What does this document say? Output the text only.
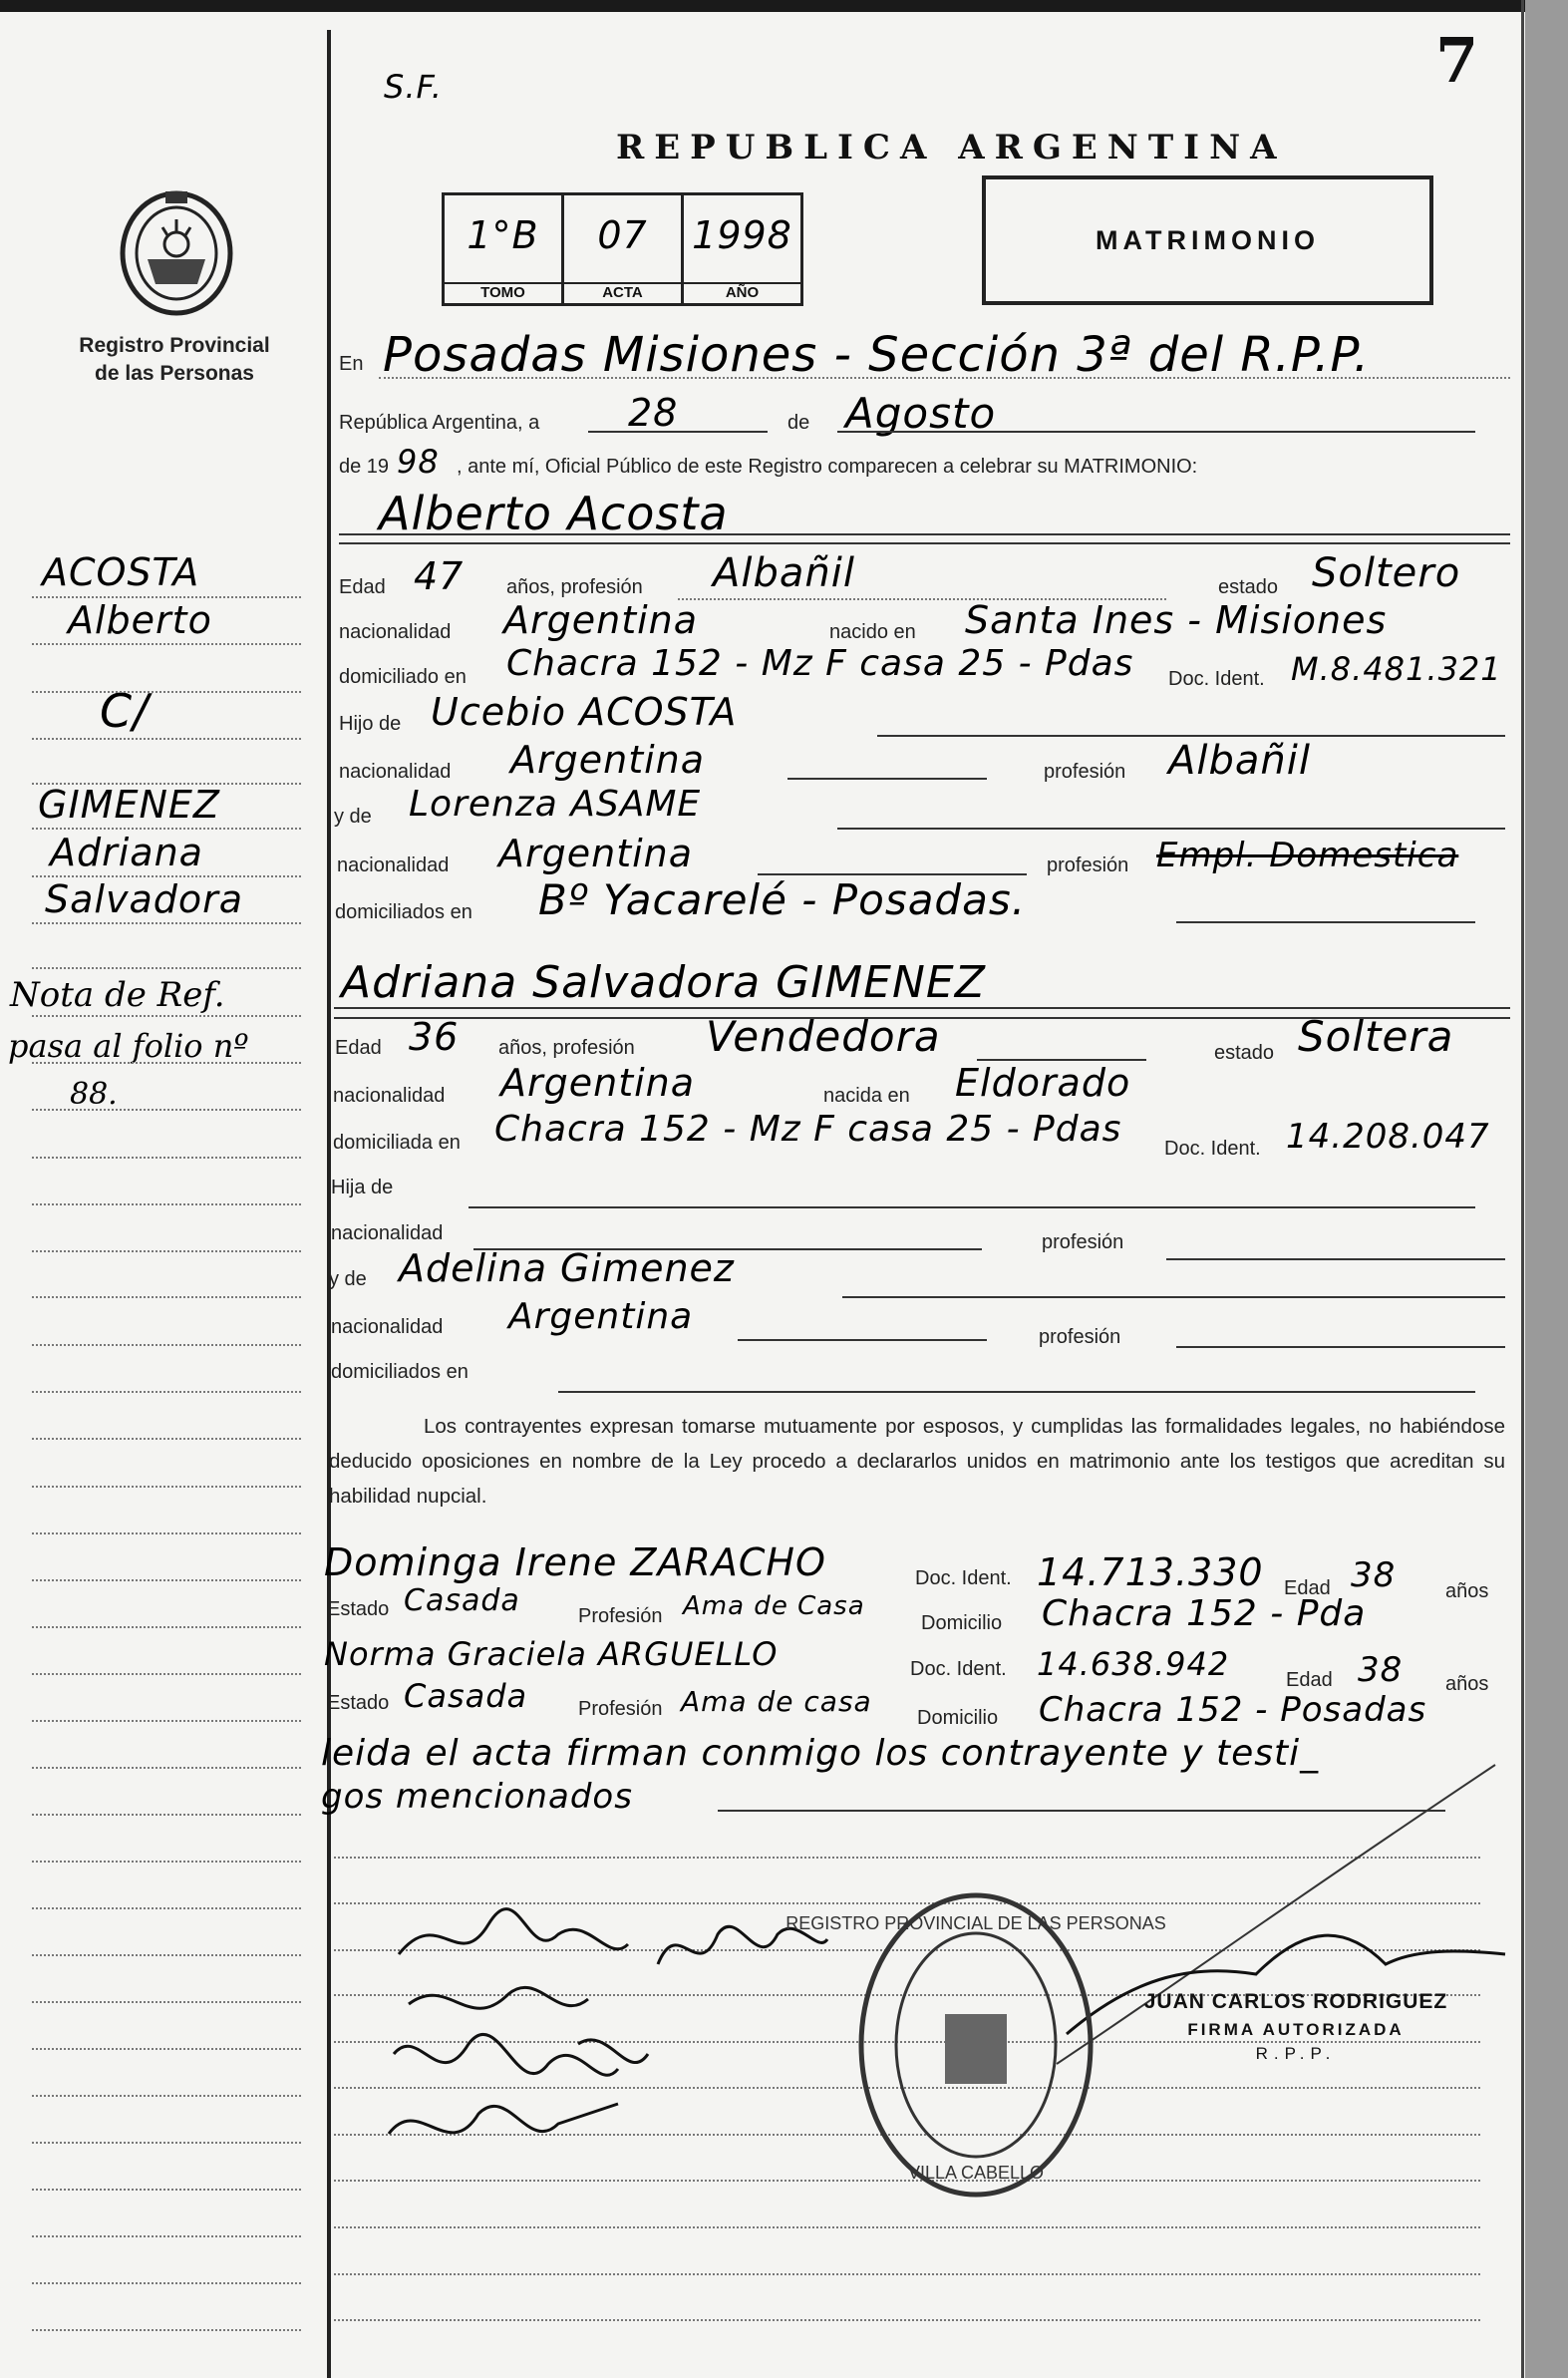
7
S.F.
REPUBLICA ARGENTINA
1°B
TOMO
07
ACTA
1998
AÑO
MATRIMONIO
Registro Provincial
de las Personas
ACOSTA
Alberto
C/
GIMENEZ
Adriana
Salvadora
Nota de Ref.
pasa al folio nº
88.
En Posadas Misiones - Sección 3ª del R.P.P.
República Argentina, a 28	de Agosto
de 19 98 , ante mí, Oficial Público de este Registro comparecen a celebrar su MATRIMONIO:
Alberto Acosta
Edad 47 años, profesión Albañil	estado Soltero
nacionalidad Argentina	nacido en Santa Ines - Misiones
domiciliado en Chacra 152 - Mz F casa 25 - Pdas Doc. Ident. M.8.481.321
Hijo de Ucebio ACOSTA
nacionalidad Argentina	profesión Albañil
y de Lorenza ASAME
nacionalidad Argentina	profesión Empl. Domestica
domiciliados en Bº Yacarelé - Posadas.
Adriana Salvadora GIMENEZ
Edad 36 años, profesión Vendedora	estado Soltera
nacionalidad Argentina	nacida en Eldorado
domiciliada en Chacra 152 - Mz F casa 25 - Pdas Doc. Ident. 14.208.047
Hija de
nacionalidad	profesión
y de Adelina Gimenez
nacionalidad Argentina	profesión
domiciliados en
Los contrayentes expresan tomarse mutuamente por esposos, y cumplidas las formalidades legales, no habiéndose deducido oposiciones en nombre de la Ley procedo a declararlos unidos en matrimonio ante los testigos que acreditan su habilidad nupcial.
Dominga Irene ZARACHO	Doc. Ident. 14.713.330 Edad 38 años
Estado Casada	Profesión Ama de Casa
Domicilio Chacra 152 - Pda
Norma Graciela ARGUELLO	Doc. Ident. 14.638.942	Edad 38 años
Estado Casada	Profesión Ama de casa Domicilio Chacra 152 - Posadas
leida el acta firman conmigo los contrayente y testi_
gos mencionados
REGISTRO PROVINCIAL DE LAS PERSONAS
VILLA CABELLO
JUAN CARLOS RODRIGUEZ
FIRMA AUTORIZADA
R.P.P.
